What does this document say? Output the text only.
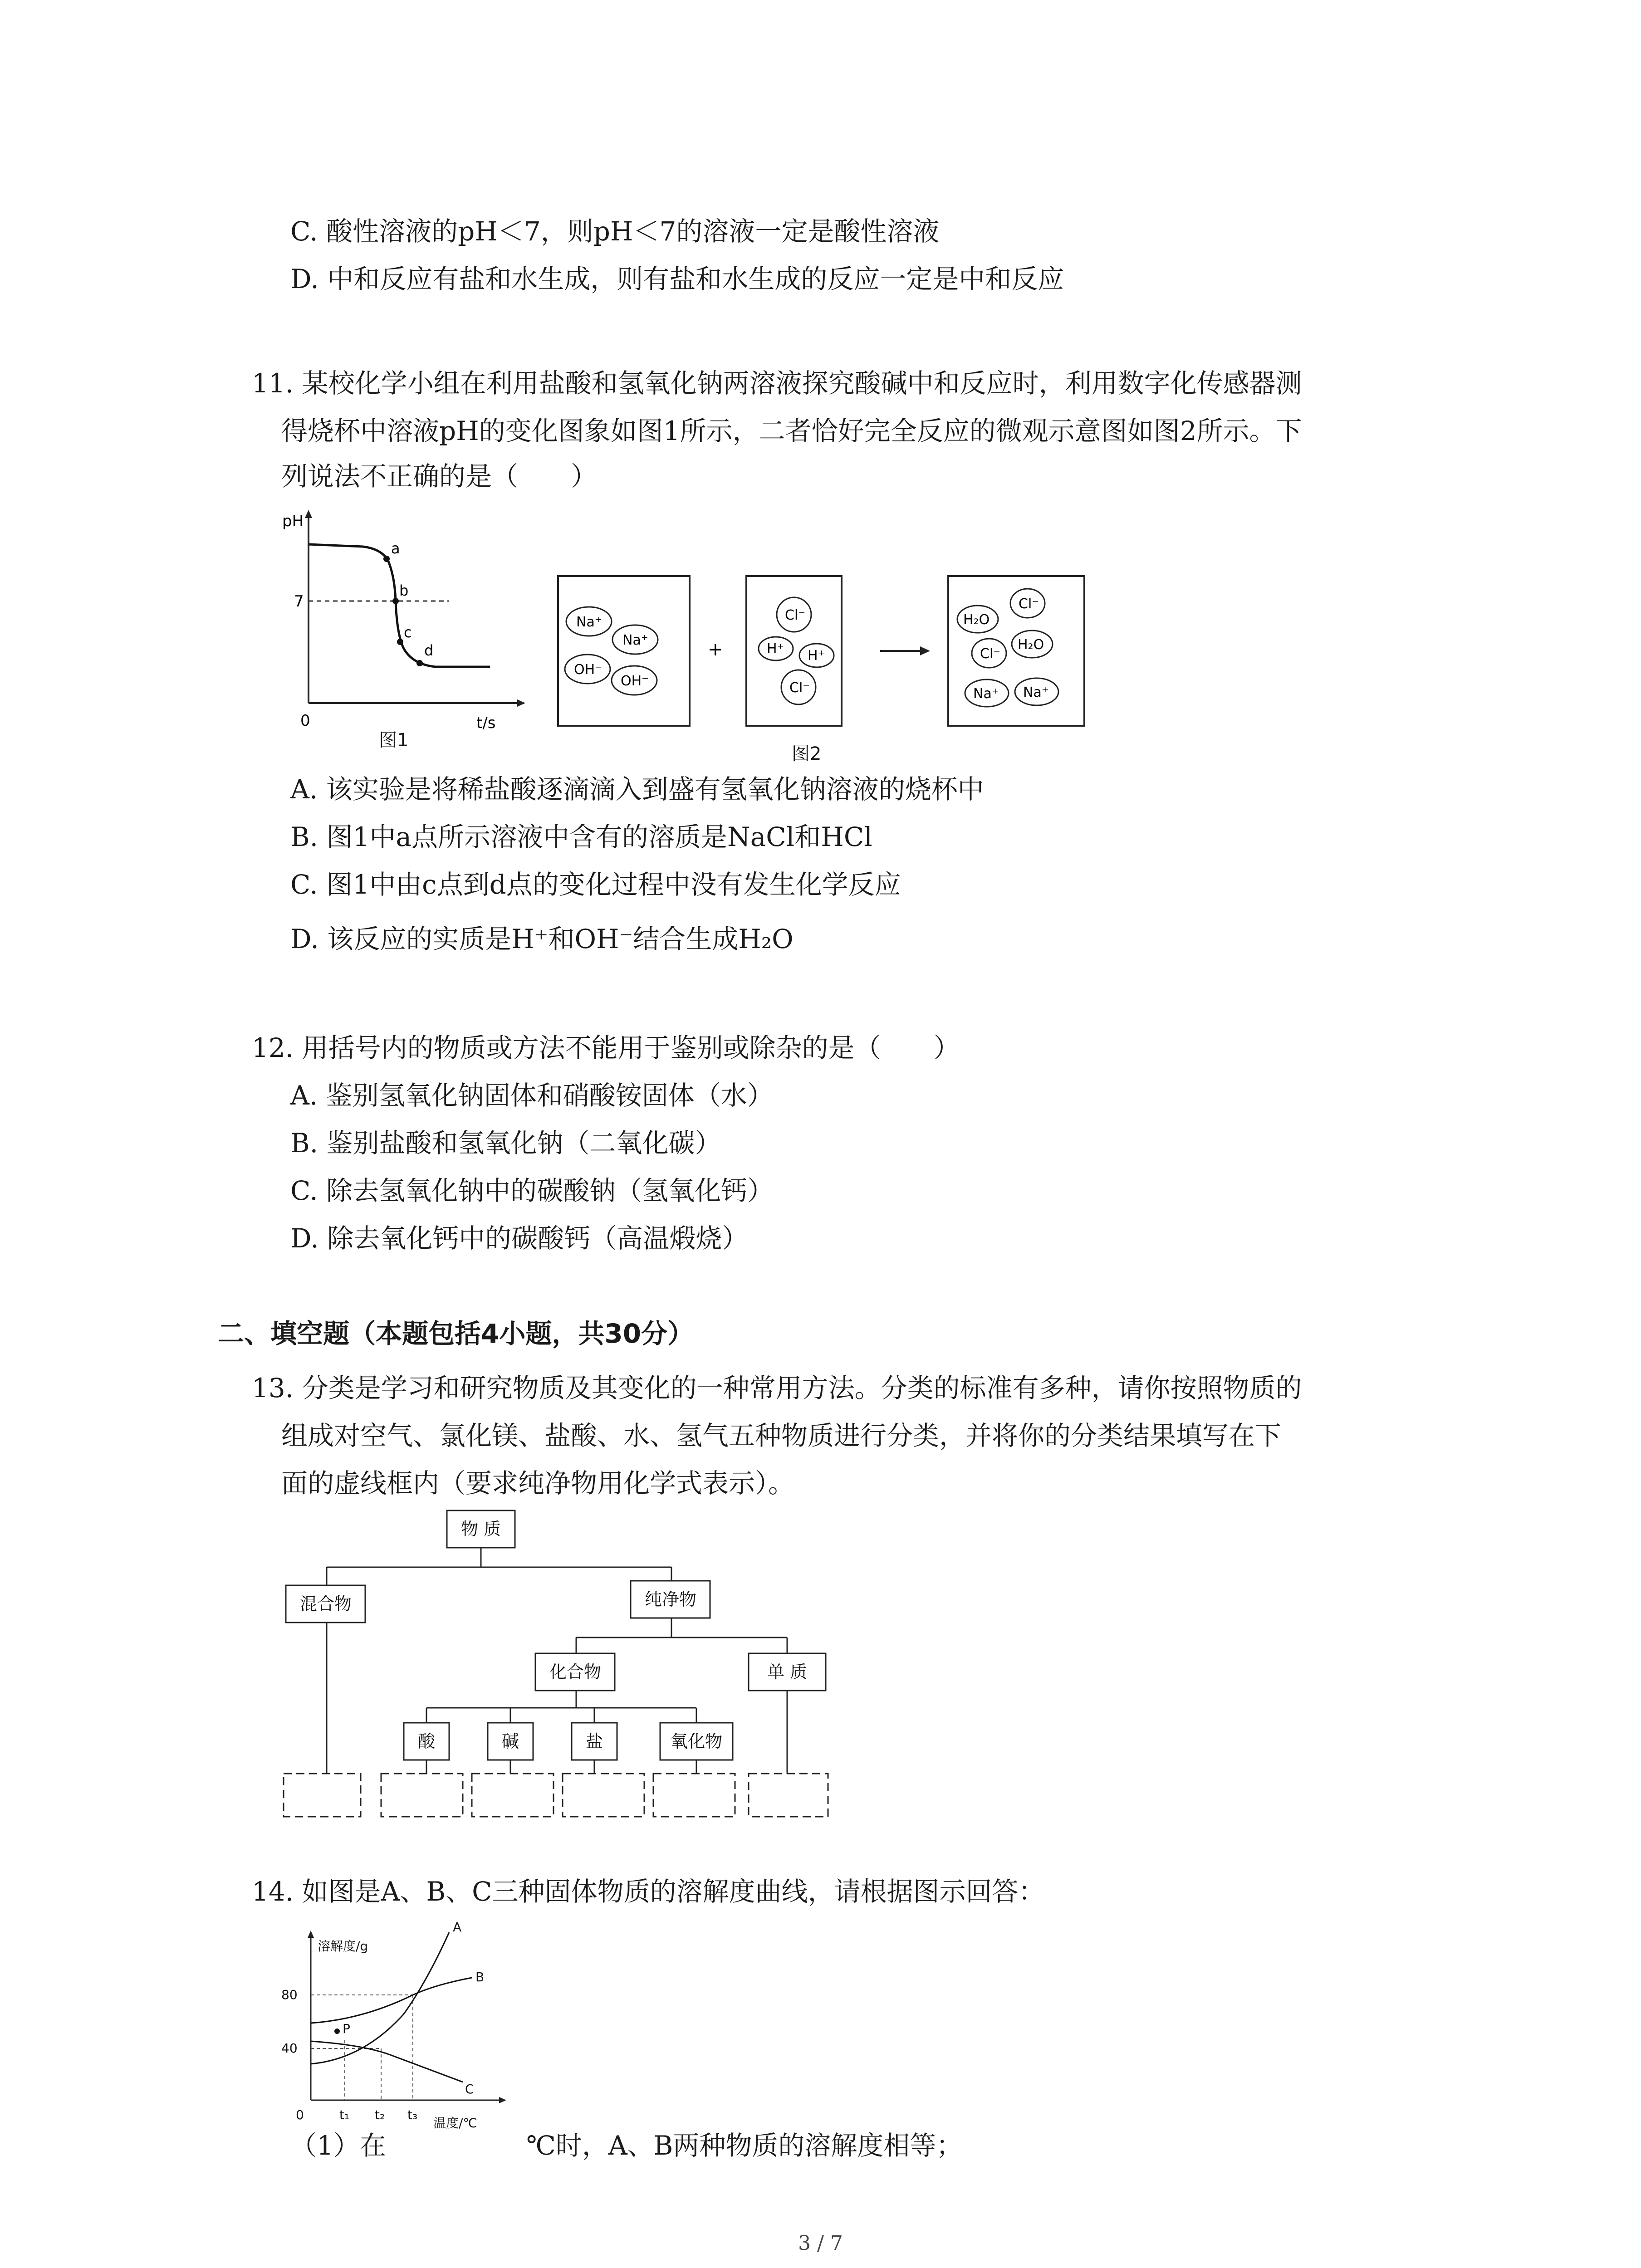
C. 酸性溶液的pH＜7，则pH＜7的溶液一定是酸性溶液
D. 中和反应有盐和水生成，则有盐和水生成的反应一定是中和反应
11. 某校化学小组在利用盐酸和氢氧化钠两溶液探究酸碱中和反应时，利用数字化传感器测
得烧杯中溶液pH的变化图象如图1所示，二者恰好完全反应的微观示意图如图2所示。下
列说法不正确的是（　　）
pH
7
0	t/s
a
b
c
d
图1
Na⁺
Na⁺
OH⁻
OH⁻
+
Cl⁻
H⁺ H⁺
Cl⁻
H₂O
Cl⁻
Cl⁻
H₂O
Na⁺ Na⁺
图2
A. 该实验是将稀盐酸逐滴滴入到盛有氢氧化钠溶液的烧杯中
B. 图1中a点所示溶液中含有的溶质是NaCl和HCl
C. 图1中由c点到d点的变化过程中没有发生化学反应
D. 该反应的实质是H⁺和OH⁻结合生成H₂O
12. 用括号内的物质或方法不能用于鉴别或除杂的是（　　）
A. 鉴别氢氧化钠固体和硝酸铵固体（水）
B. 鉴别盐酸和氢氧化钠（二氧化碳）
C. 除去氢氧化钠中的碳酸钠（氢氧化钙）
D. 除去氧化钙中的碳酸钙（高温煅烧）
二、填空题（本题包括4小题，共30分）
13. 分类是学习和研究物质及其变化的一种常用方法。分类的标准有多种，请你按照物质的
组成对空气、氯化镁、盐酸、水、氢气五种物质进行分类，并将你的分类结果填写在下
面的虚线框内（要求纯净物用化学式表示）。
物 质
混合物	纯净物
化合物	单 质
酸	碱	盐	氧化物
14. 如图是A、B、C三种固体物质的溶解度曲线，请根据图示回答：
溶解度/g
80
40
0	t₁ t₂ t₃
温度/℃
A
B
C
P
（1）在	℃时，A、B两种物质的溶解度相等；
3 / 7
